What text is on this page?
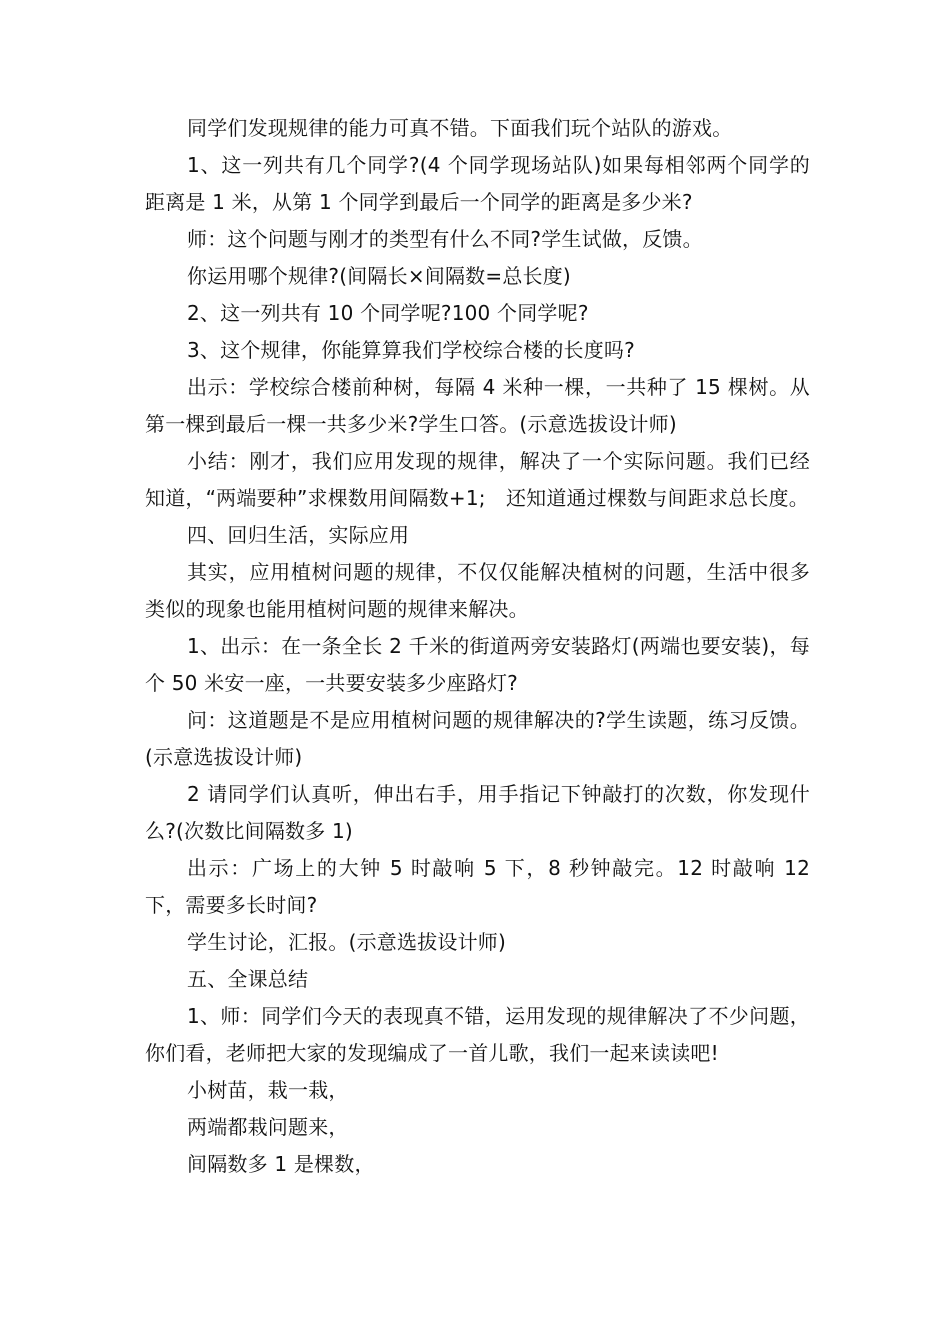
同学们发现规律的能力可真不错。下面我们玩个站队的游戏。

1、这一列共有几个同学?(4 个同学现场站队)如果每相邻两个同学的距离是 1 米，从第 1 个同学到最后一个同学的距离是多少米?

师：这个问题与刚才的类型有什么不同?学生试做，反馈。

你运用哪个规律?(间隔长×间隔数=总长度)

2、这一列共有 10 个同学呢?100 个同学呢?

3、这个规律，你能算算我们学校综合楼的长度吗?

出示：学校综合楼前种树，每隔 4 米种一棵，一共种了 15 棵树。从第一棵到最后一棵一共多少米?学生口答。(示意选拔设计师)

小结：刚才，我们应用发现的规律，解决了一个实际问题。我们已经知道，“两端要种”求棵数用间隔数+1;　还知道通过棵数与间距求总长度。

四、回归生活，实际应用

其实，应用植树问题的规律，不仅仅能解决植树的问题，生活中很多类似的现象也能用植树问题的规律来解决。

1、出示：在一条全长 2 千米的街道两旁安装路灯(两端也要安装)，每个 50 米安一座，一共要安装多少座路灯?

问：这道题是不是应用植树问题的规律解决的?学生读题，练习反馈。(示意选拔设计师)

2 请同学们认真听，伸出右手，用手指记下钟敲打的次数，你发现什么?(次数比间隔数多 1)

出示：广场上的大钟 5 时敲响 5 下，8 秒钟敲完。12 时敲响 12 下，需要多长时间?

学生讨论，汇报。(示意选拔设计师)

五、全课总结

1、师：同学们今天的表现真不错，运用发现的规律解决了不少问题，你们看，老师把大家的发现编成了一首儿歌，我们一起来读读吧!

小树苗，栽一栽，

两端都栽问题来，

间隔数多 1 是棵数，
